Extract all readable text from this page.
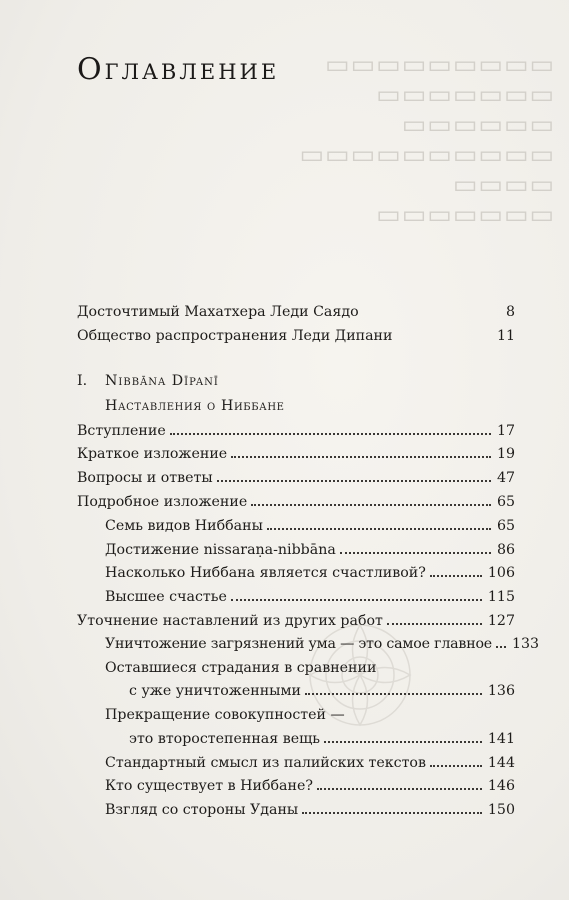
▭▭▭▭▭▭▭▭▭
▭▭▭▭▭▭▭
▭▭▭▭▭▭
▭▭▭▭▭▭▭▭▭▭
▭▭▭▭
▭▭▭▭▭▭▭
Оглавление
Досточтимый Махатхера Леди Саядо	8
Общество распространения Леди Дипани	11
I. Nibbāna Dīpanī
Наставления о Ниббане
Вступление	17
Краткое изложение	19
Вопросы и ответы	47
Подробное изложение	65
Семь видов Ниббаны	65
Достижение nissaraṇa-nibbāna	86
Насколько Ниббана является счастливой?	106
Высшее счастье	115
Уточнение наставлений из других работ	127
Уничтожение загрязнений ума — это самое главное	133
Оставшиеся страдания в сравнении
с уже уничтоженными	136
Прекращение совокупностей —
это второстепенная вещь	141
Стандартный смысл из палийских текстов	144
Кто существует в Ниббане?	146
Взгляд со стороны Уданы	150
